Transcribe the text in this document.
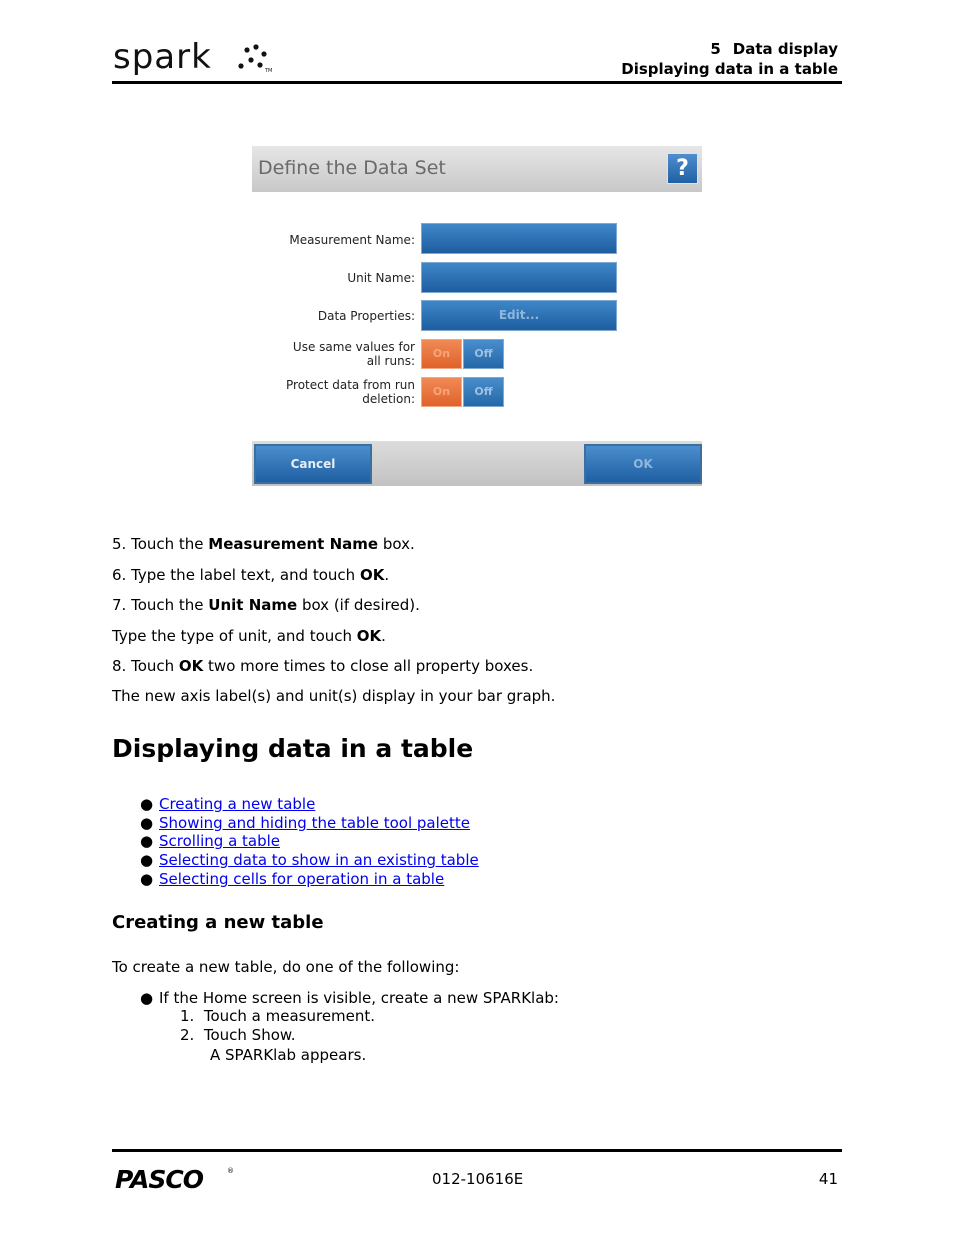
spark	TM
5 Data display
Displaying data in a table
Define the Data Set	?
Measurement Name:
Unit Name:
Data Properties:	Edit...
Use same values for
all runs:
On	Off
Protect data from run
deletion:
On	Off
Cancel	OK
5. Touch the Measurement Name box.
6. Type the label text, and touch OK.
7. Touch the Unit Name box (if desired).
Type the type of unit, and touch OK.
8. Touch OK two more times to close all property boxes.
The new axis label(s) and unit(s) display in your bar graph.
Displaying data in a table
● Creating a new table
● Showing and hiding the table tool palette
● Scrolling a table
● Selecting data to show in an existing table
● Selecting cells for operation in a table
Creating a new table
To create a new table, do one of the following:
● If the Home screen is visible, create a new SPARKlab:
1. Touch a measurement.
2. Touch Show.
A SPARKlab appears.
PASCO	®	012-10616E	41
